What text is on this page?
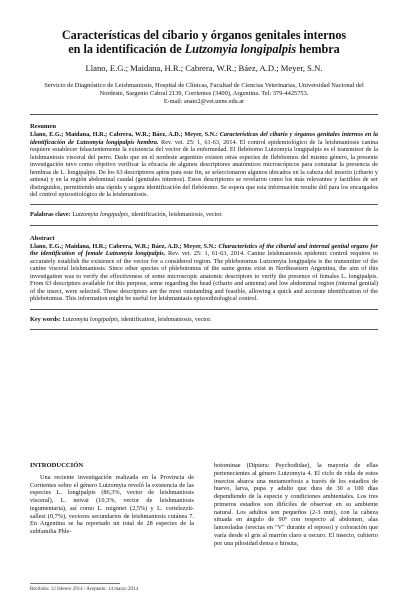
Características del cibario y órganos genitales internos
en la identificación de Lutzomyia longipalpis hembra
Llano, E.G.; Maidana, H.R.; Cabrera, W.R.; Báez, A.D.; Meyer, S.N.
Servicio de Diagnóstico de Leishmaniosis, Hospital de Clínicas, Facultad de Ciencias Veterinarias, Universidad Nacional del Nordeste, Sargento Cabral 2139, Corrientes (3400), Argentina. Tel: 379-4425753.
E-mail: anato2@vet.unne.edu.ar
Resumen
Llano, E.G.; Maidana, H.R.; Cabrera, W.R.; Báez, A.D.; Meyer, S.N.: Características del cibario y órganos genitales internos en la identificación de Lutzomyia longipalpis hembra. Rev. vet. 25: 1, 61-63, 2014. El control epidemiológico de la leishmaniosis canina requiere establecer fehacientemente la existencia del vector de la enfermedad. El flebótomo Lutzomyia longipalpis es el transmisor de la leishmaniosis visceral del perro. Dado que en el nordeste argentino existen otras especies de flebótomos del mismo género, la presente investigación tuvo como objetivo verificar la eficacia de algunos descriptores anatómicos microscópicos para constatar la presencia de hembras de L. longipalpis. De los 63 descriptores aptos para este fin, se seleccionaron algunos ubicados en la cabeza del insecto (cibario y antena) y en la región abdominal caudal (genitales internos). Estos descriptores se revelaron como los más relevantes y factibles de ser distinguidos, permitiendo una rápida y segura identificación del flebótomo. Se espera que esta información resulte útil para los encargados del control epizootiológico de la leishmaniosis.
Palabras clave: Lutzomyia longipalpis, identificación, leishmaniosis, vector.
Abstract
Llano, E.G.; Maidana, H.R.; Cabrera, W.R.; Báez, A.D.; Meyer, S.N.: Characteristics of the cibarial and internal genital organs for the identification of female Lutzomyia longipalpis. Rev. vet. 25: 1, 61-63, 2014. Canine leishmaniosis epidemic control requires to accurately establish the existence of the vector for a considered region. The phlebotomus Lutzomyia longipalpis is the transmitter of the canine visceral leishmaniosis. Since other species of phlebotomus of the same genus exist in Northeastern Argentina, the aim of this investigation was to verify the effectiveness of some microscopic anatomic descriptors to verify the presence of females L. longipalpis. From 63 descriptors available for this purpose, some regarding the head (cibario and antenna) and low abdominal region (internal genital) of the insect, were selected. These descriptors are the most outstanding and feasible, allowing a quick and accurate identification of the phlebotomus. This information might be useful for leishmaniasis epizoothiological control.
Key words: Lutzomyia longipalpis, identification, leishmaniosis, vector.
INTRODUCCIÓN

Una reciente investigación realizada en la Provincia de Corrientes sobre el género Lutzomyia reveló la existencia de las especies L. longipalpis (86,3%, vector de leishmaniosis visceral), L. neivai (10,3%, vector de leishmaniosis tegumentaria), así como L. migonei (2,5%) y L. cortelezzii-sallesi (0,7%), vectores secundarios de leishmaniosis cutánea 7. En Argentina se ha reportado un total de 28 especies de la subfamilia Phle-

botominae (Diptera: Psychodidae), la mayoria de ellas pertenecientes al género Lutzomyia 4. El ciclo de vida de estos insectos abarca una metamorfosis a través de los estadios de huevo, larva, pupa y adulto que dura de 30 a 100 días dependiendo de la especie y condiciones ambientales. Los tres primeros estadios son difíciles de observar en su ambiente natural. Los adultos son pequeños (2-3 mm), con la cabeza situada en ángulo de 90º con respecto al abdomen, alas lanceoladas (erectas en "V" durante el reposo) y coloración que varía desde el gris al marrón claro u oscuro. El insecto, cubierto por una pilosidad densa e hirsuta,

Recibido: 12 febrero 2014 / Aceptado: 14 marzo 2014
